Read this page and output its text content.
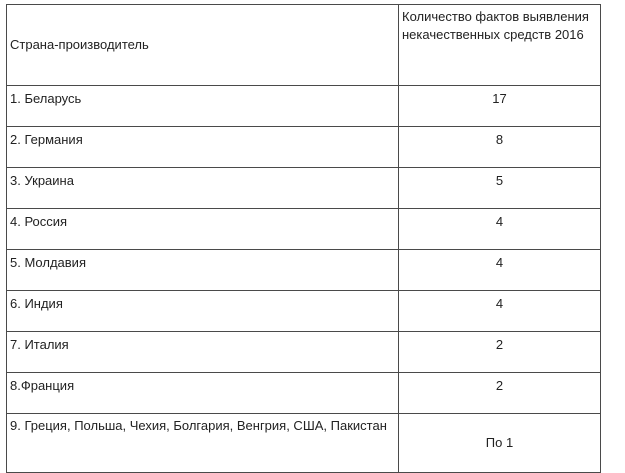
Страна-производитель	Количество фактов выявления некачественных средств 2016
1. Беларусь	17
2. Германия	8
3. Украина	5
4. Россия	4
5. Молдавия	4
6. Индия	4
7. Италия	2
8.Франция	2
9. Греция, Польша, Чехия, Болгария, Венгрия, США, Пакистан	По 1
